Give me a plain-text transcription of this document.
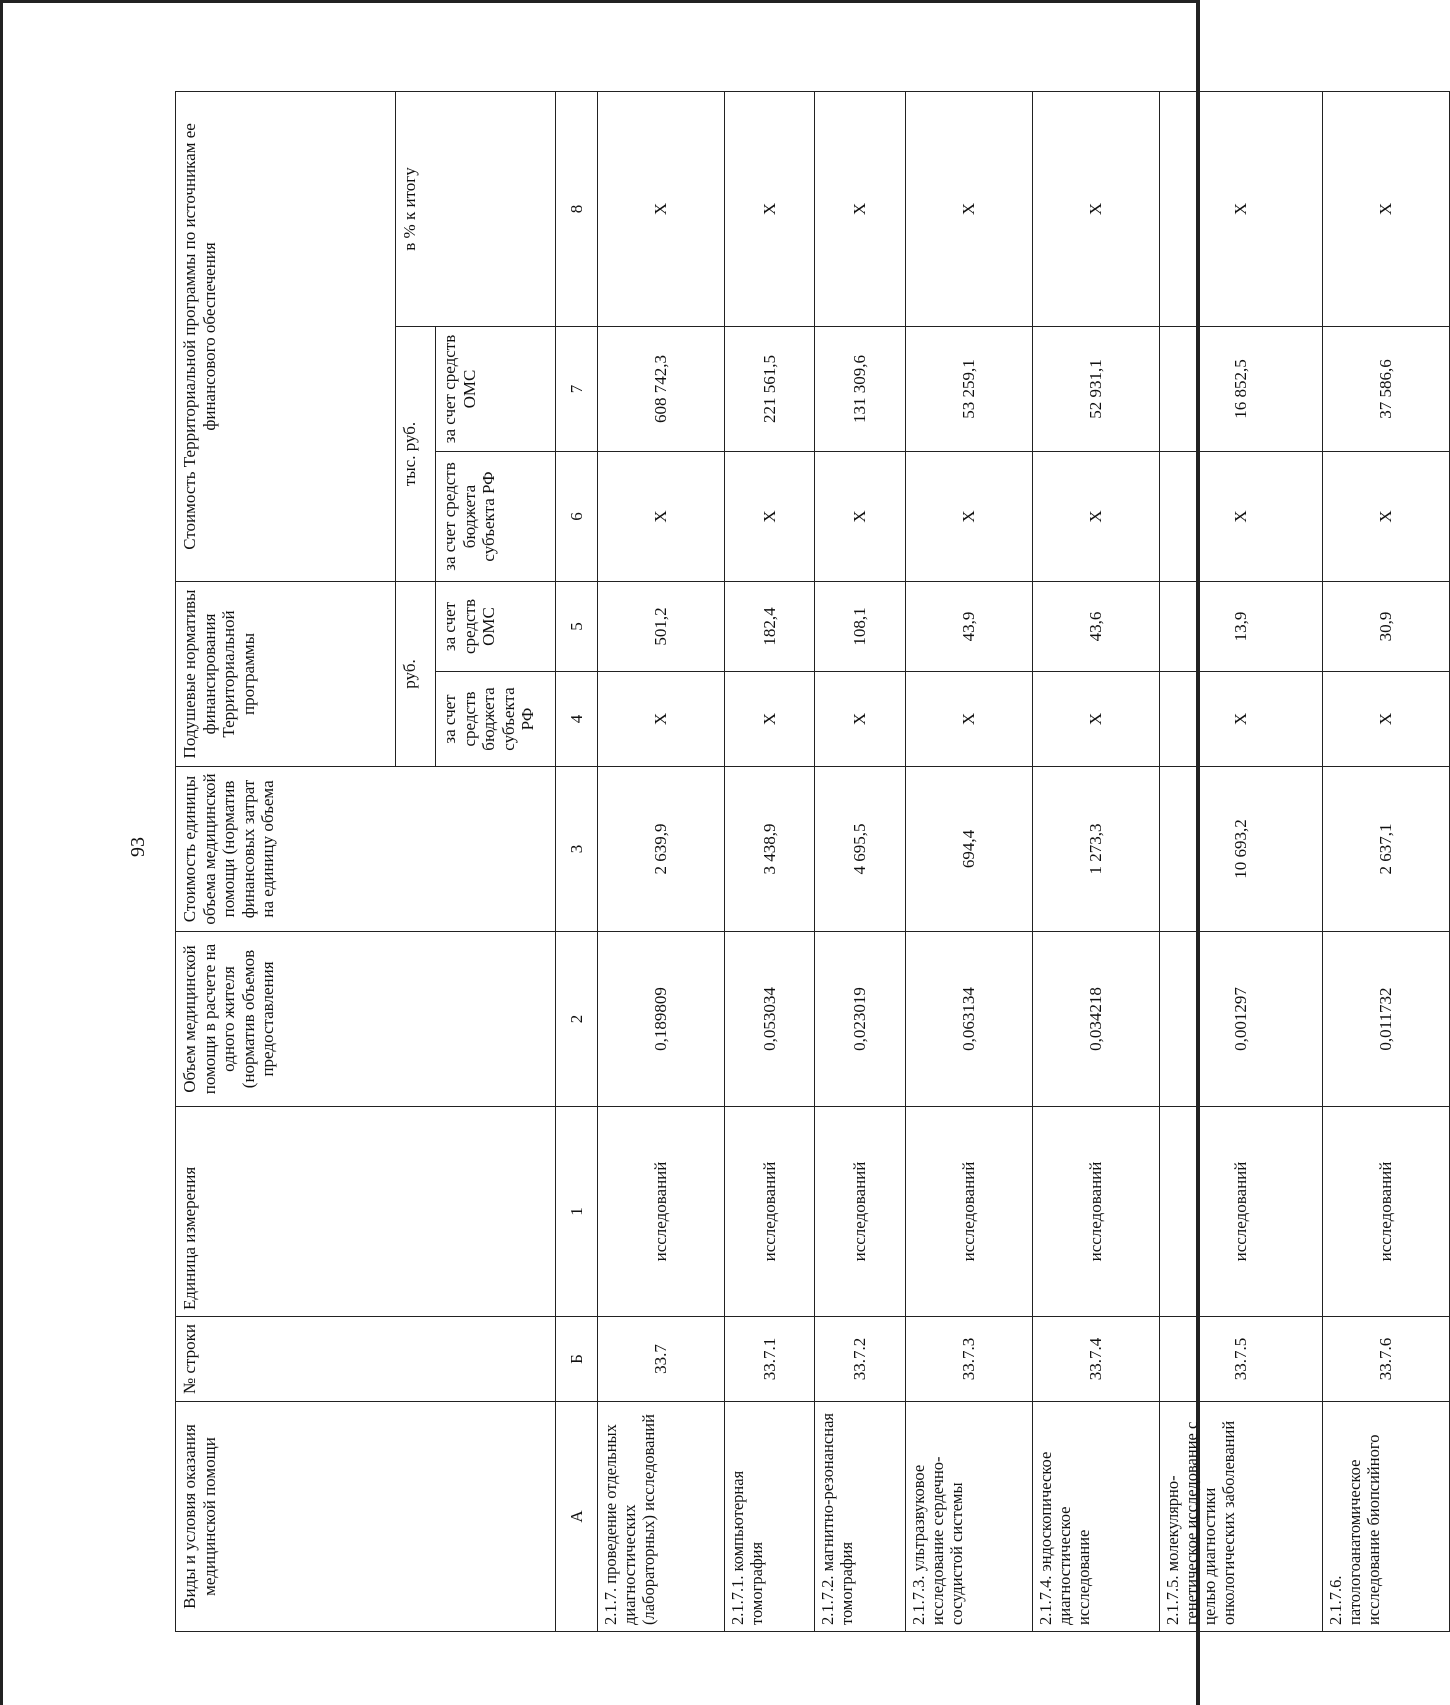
93
Виды и условия оказания медицинской помощи	№ строки	Единица измерения	Объем медицинской помощи в расчете на одного жителя (норматив объемов предоставления	Стоимость единицы объема медицинской помощи (норматив финансовых затрат на единицу объема	Подушевые нормативы финансирования Территориальной программы		Стоимость Территориальной программы по источникам ее финансового обеспечения		
					руб.		тыс. руб.		в % к итогу
					за счет средств бюджета субъекта РФ	за счет средств ОМС	за счет средств бюджета субъекта РФ	за счет средств ОМС	
А	Б	1	2	3	4	5	6	7	8
2.1.7. проведение отдельных диагностических (лабораторных) исследований	33.7	исследований	0,189809	2 639,9	X	501,2	X	608 742,3	X
2.1.7.1. компьютерная томография	33.7.1	исследований	0,053034	3 438,9	X	182,4	X	221 561,5	X
2.1.7.2. магнитно-резонансная томография	33.7.2	исследований	0,023019	4 695,5	X	108,1	X	131 309,6	X
2.1.7.3. ультразвуковое исследование сердечно-сосудистой системы	33.7.3	исследований	0,063134	694,4	X	43,9	X	53 259,1	X
2.1.7.4. эндоскопическое диагностическое исследование	33.7.4	исследований	0,034218	1 273,3	X	43,6	X	52 931,1	X
2.1.7.5. молекулярно-генетическое исследование с целью диагностики онкологических заболеваний	33.7.5	исследований	0,001297	10 693,2	X	13,9	X	16 852,5	X
2.1.7.6. патологоанатомическое исследование биопсийного	33.7.6	исследований	0,011732	2 637,1	X	30,9	X	37 586,6	X
